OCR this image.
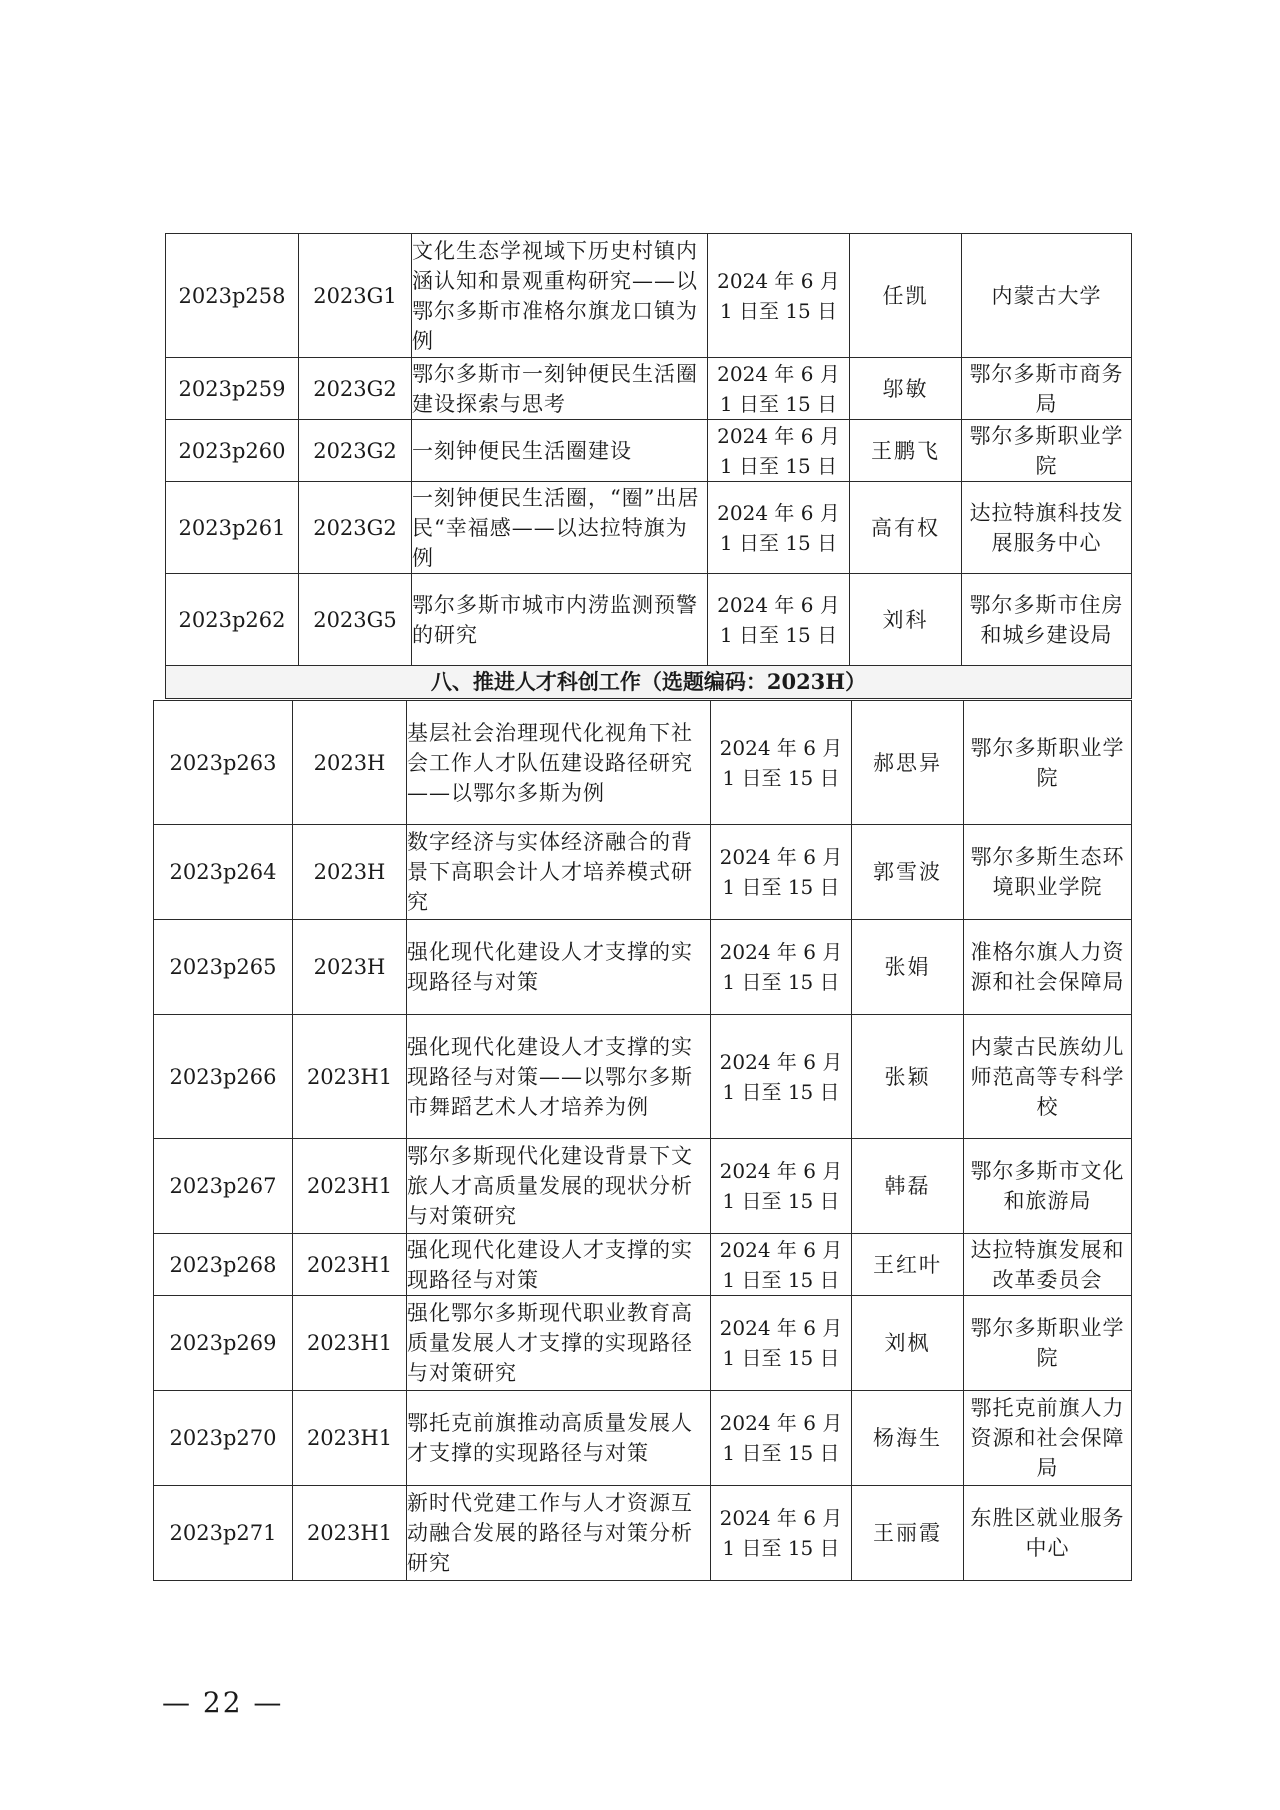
2023p258	2023G1	文化生态学视域下历史村镇内涵认知和景观重构研究——以鄂尔多斯市准格尔旗龙口镇为例	2024 年 6 月 1 日至 15 日	任凯	内蒙古大学
2023p259	2023G2	鄂尔多斯市一刻钟便民生活圈建设探索与思考	2024 年 6 月 1 日至 15 日	邬敏	鄂尔多斯市商务局
2023p260	2023G2	一刻钟便民生活圈建设	2024 年 6 月 1 日至 15 日	王鹏飞	鄂尔多斯职业学院
2023p261	2023G2	一刻钟便民生活圈，“圈”出居民“幸福感——以达拉特旗为例	2024 年 6 月 1 日至 15 日	高有权	达拉特旗科技发展服务中心
2023p262	2023G5	鄂尔多斯市城市内涝监测预警的研究	2024 年 6 月 1 日至 15 日	刘科	鄂尔多斯市住房和城乡建设局
八、推进人才科创工作（选题编码：2023H）					
2023p263	2023H	基层社会治理现代化视角下社会工作人才队伍建设路径研究——以鄂尔多斯为例	2024 年 6 月 1 日至 15 日	郝思异	鄂尔多斯职业学院
2023p264	2023H	数字经济与实体经济融合的背景下高职会计人才培养模式研究	2024 年 6 月 1 日至 15 日	郭雪波	鄂尔多斯生态环境职业学院
2023p265	2023H	强化现代化建设人才支撑的实现路径与对策	2024 年 6 月 1 日至 15 日	张娟	准格尔旗人力资源和社会保障局
2023p266	2023H1	强化现代化建设人才支撑的实现路径与对策——以鄂尔多斯市舞蹈艺术人才培养为例	2024 年 6 月 1 日至 15 日	张颖	内蒙古民族幼儿师范高等专科学校
2023p267	2023H1	鄂尔多斯现代化建设背景下文旅人才高质量发展的现状分析与对策研究	2024 年 6 月 1 日至 15 日	韩磊	鄂尔多斯市文化和旅游局
2023p268	2023H1	强化现代化建设人才支撑的实现路径与对策	2024 年 6 月 1 日至 15 日	王红叶	达拉特旗发展和改革委员会
2023p269	2023H1	强化鄂尔多斯现代职业教育高质量发展人才支撑的实现路径与对策研究	2024 年 6 月 1 日至 15 日	刘枫	鄂尔多斯职业学院
2023p270	2023H1	鄂托克前旗推动高质量发展人才支撑的实现路径与对策	2024 年 6 月 1 日至 15 日	杨海生	鄂托克前旗人力资源和社会保障局
2023p271	2023H1	新时代党建工作与人才资源互动融合发展的路径与对策分析研究	2024 年 6 月 1 日至 15 日	王丽霞	东胜区就业服务中心
— 22 —
